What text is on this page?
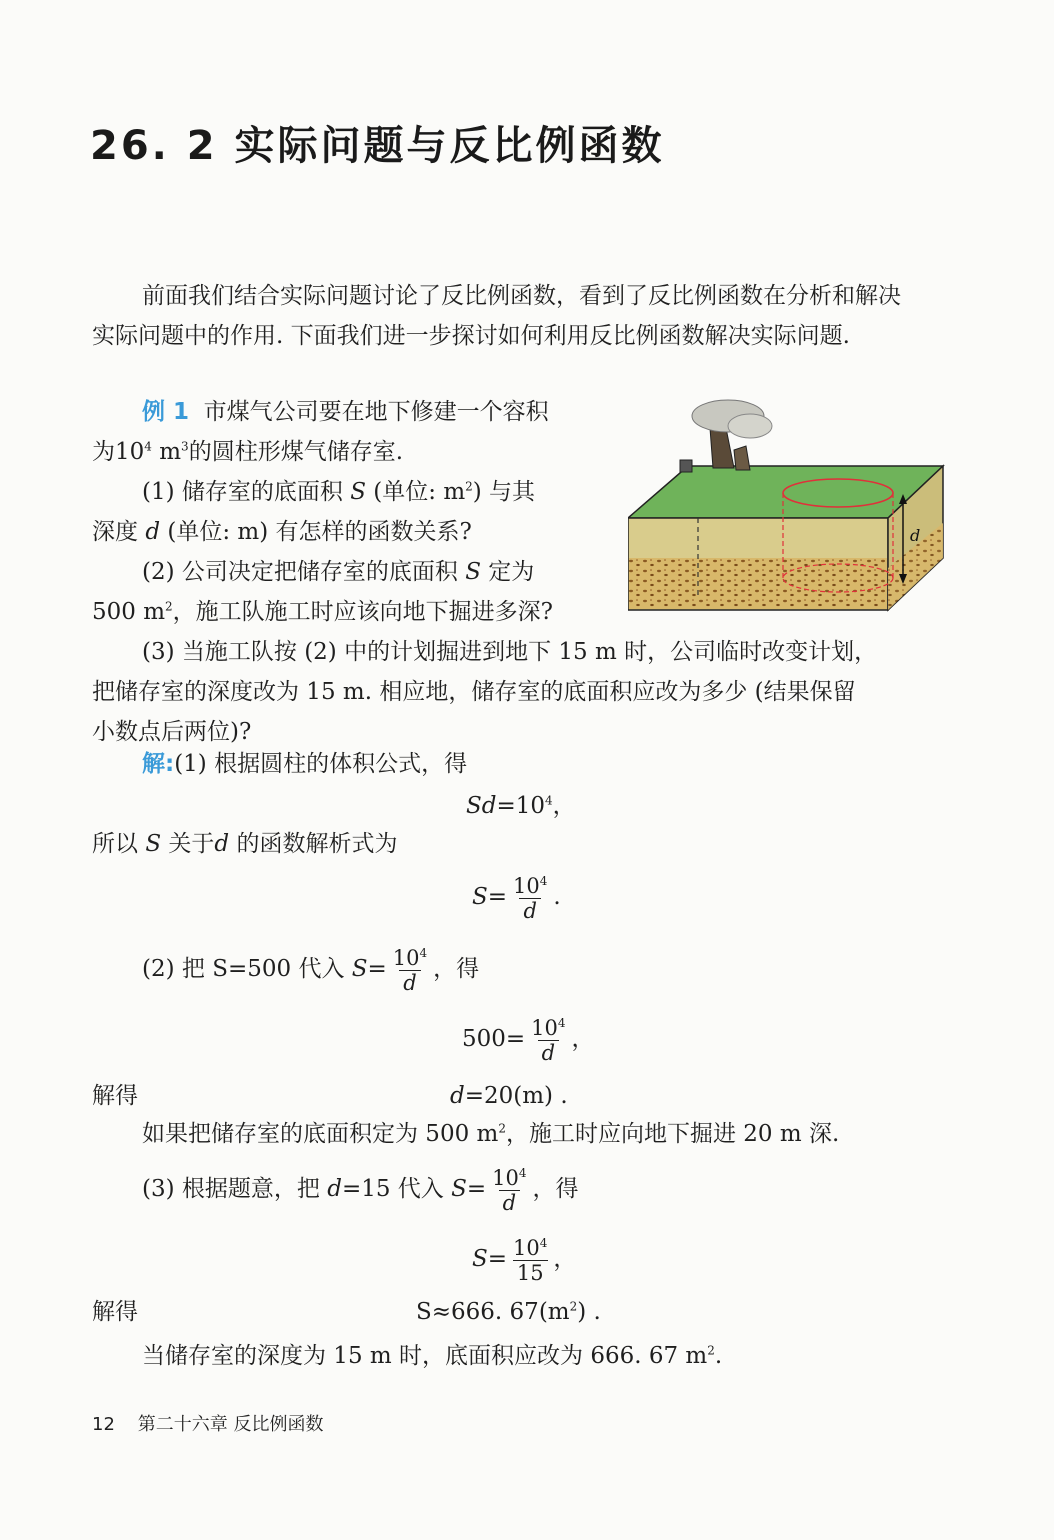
26. 2 实际问题与反比例函数
前面我们结合实际问题讨论了反比例函数，看到了反比例函数在分析和解决
实际问题中的作用. 下面我们进一步探讨如何利用反比例函数解决实际问题.
例 1 市煤气公司要在地下修建一个容积
为$10^4$ $m^3$的圆柱形煤气储存室.
(1) 储存室的底面积 S (单位: $m^2$) 与其
深度 d (单位: m) 有怎样的函数关系?
(2) 公司决定把储存室的底面积 S 定为
500 $m^2$，施工队施工时应该向地下掘进多深?
(3) 当施工队按 (2) 中的计划掘进到地下 15 m 时，公司临时改变计划，
把储存室的深度改为 15 m. 相应地，储存室的底面积应改为多少 (结果保留
小数点后两位)?
d
解:(1) 根据圆柱的体积公式，得
$Sd=10^4$，
所以 S 关于d 的函数解析式为
$S= \frac{10^4}{d}$ .
(2) 把 S=500 代入 $S= \frac{10^4}{d}$ ，得
$500= \frac{10^4}{d}$ ，
解得	d=20(m) .
如果把储存室的底面积定为 500 $m^2$，施工时应向地下掘进 20 m 深.
(3) 根据题意，把 d=15 代入 $S= \frac{10^4}{d}$ ，得
$S= \frac{10^4}{15}$ ，
解得	S≈666. $67(m^2)$ .
当储存室的深度为 15 m 时，底面积应改为 666. 67 $m^2$.
12 第二十六章 反比例函数
